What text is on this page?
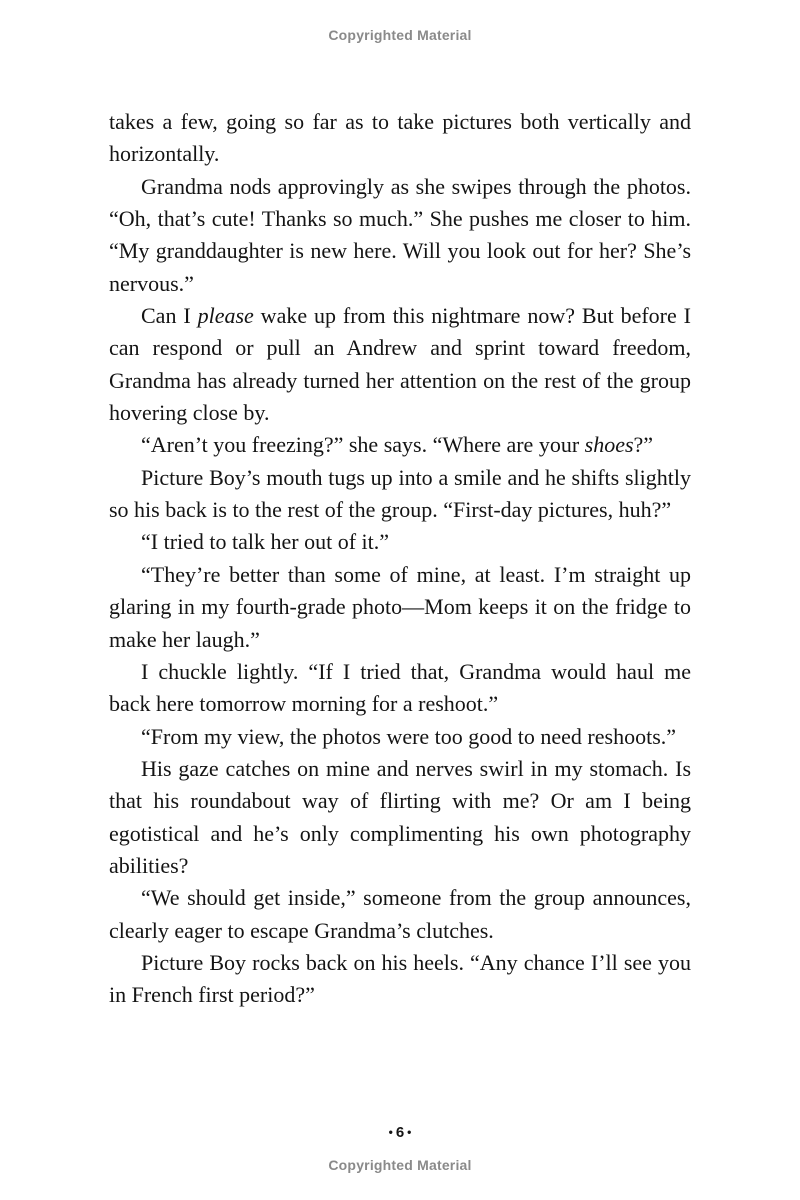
Copyrighted Material

takes a few, going so far as to take pictures both vertically and horizontally.

Grandma nods approvingly as she swipes through the photos. “Oh, that’s cute! Thanks so much.” She pushes me closer to him. “My granddaughter is new here. Will you look out for her? She’s nervous.”

Can I please wake up from this nightmare now? But before I can respond or pull an Andrew and sprint toward freedom, Grandma has already turned her attention on the rest of the group hovering close by.

“Aren’t you freezing?” she says. “Where are your shoes?”

Picture Boy’s mouth tugs up into a smile and he shifts slightly so his back is to the rest of the group. “First-day pictures, huh?”

“I tried to talk her out of it.”

“They’re better than some of mine, at least. I’m straight up glaring in my fourth-grade photo—Mom keeps it on the fridge to make her laugh.”

I chuckle lightly. “If I tried that, Grandma would haul me back here tomorrow morning for a reshoot.”

“From my view, the photos were too good to need reshoots.”

His gaze catches on mine and nerves swirl in my stomach. Is that his roundabout way of flirting with me? Or am I being egotistical and he’s only complimenting his own photography abilities?

“We should get inside,” someone from the group announces, clearly eager to escape Grandma’s clutches.

Picture Boy rocks back on his heels. “Any chance I’ll see you in French first period?”

• 6 •
Copyrighted Material
